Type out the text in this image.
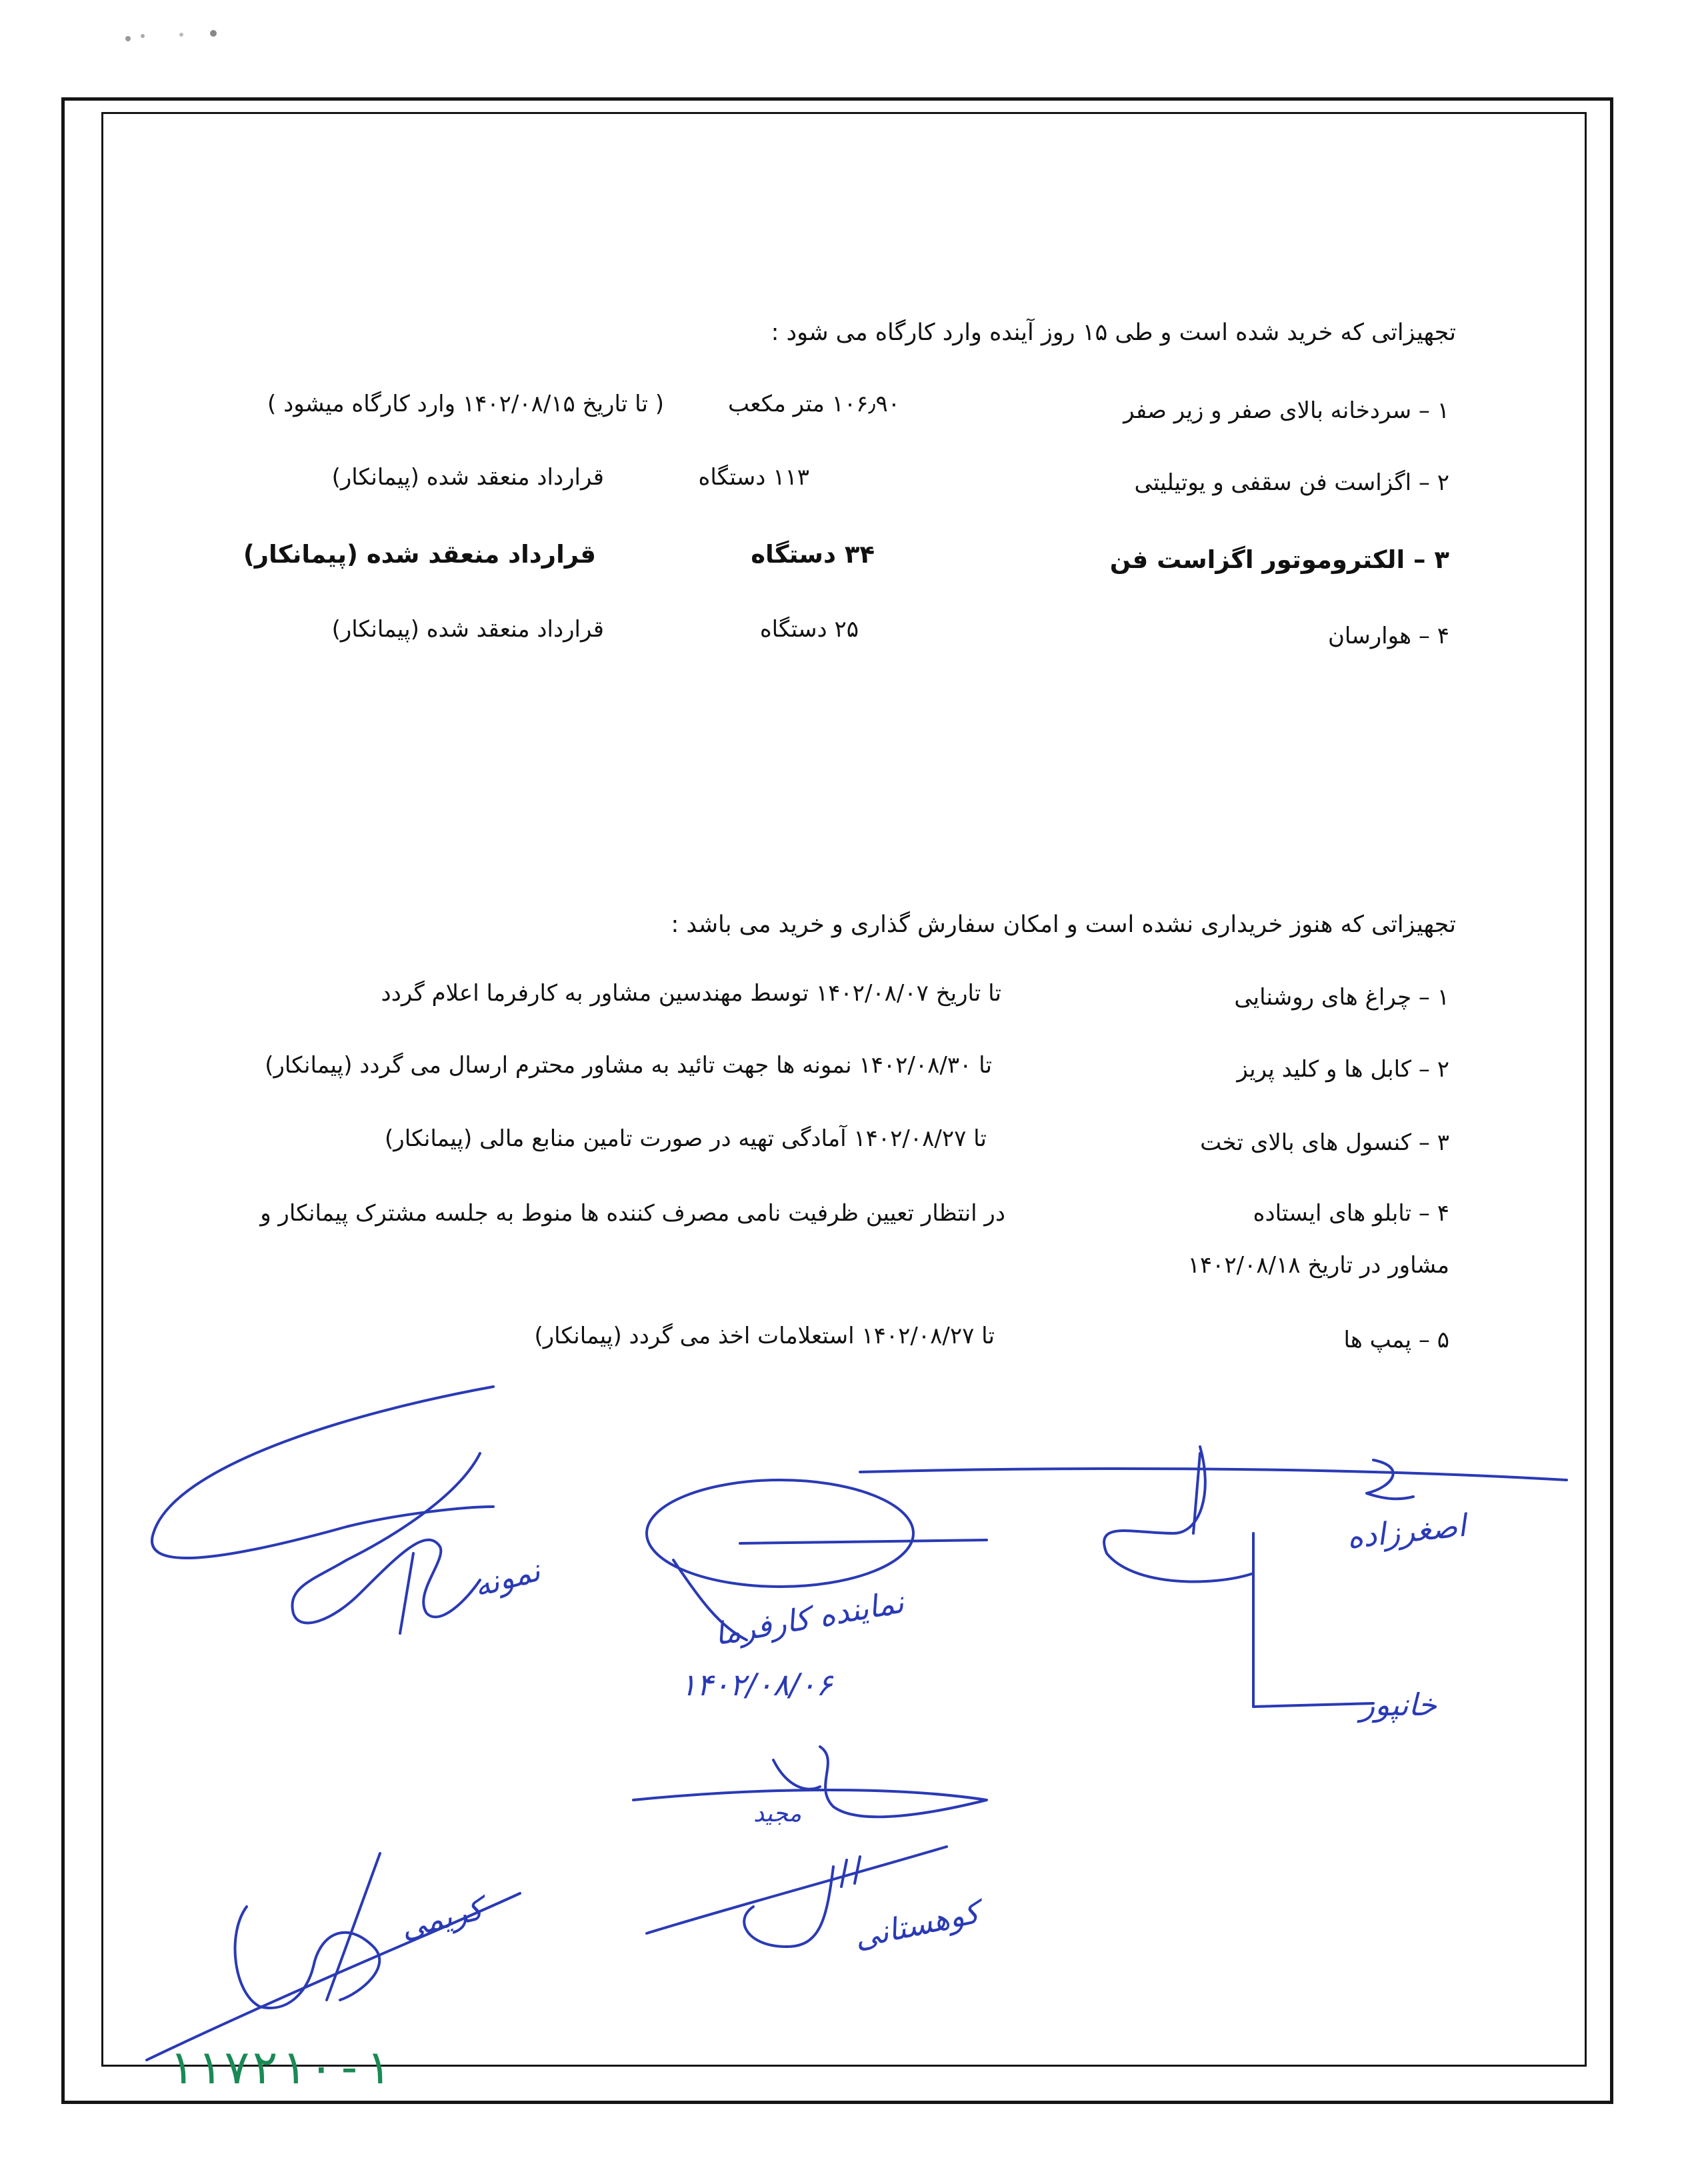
تجهیزاتی که خرید شده است و طی ۱۵ روز آینده وارد کارگاه می شود :
۱ – سردخانه بالای صفر و زیر صفر
۱۰۶٫۹۰ متر مکعب
( تا تاریخ ۱۴۰۲/۰۸/۱۵ وارد کارگاه میشود )
۲ – اگزاست فن سقفی و یوتیلیتی
۱۱۳ دستگاه
قرارداد منعقد شده (پیمانکار)
۳ – الکتروموتور اگزاست فن
۳۴ دستگاه
قرارداد منعقد شده (پیمانکار)
۴ – هوارسان
۲۵ دستگاه
قرارداد منعقد شده (پیمانکار)
تجهیزاتی که هنوز خریداری نشده است و امکان سفارش گذاری و خرید می باشد :
۱ – چراغ های روشنایی
تا تاریخ ۱۴۰۲/۰۸/۰۷ توسط مهندسین مشاور به کارفرما اعلام گردد
۲ – کابل ها و کلید پریز
تا ۱۴۰۲/۰۸/۳۰ نمونه ها جهت تائید به مشاور محترم ارسال می گردد (پیمانکار)
۳ – کنسول های بالای تخت
تا ۱۴۰۲/۰۸/۲۷ آمادگی تهیه در صورت تامین منابع مالی (پیمانکار)
۴ – تابلو های ایستاده
در انتظار تعیین ظرفیت نامی مصرف کننده ها منوط به جلسه مشترک پیمانکار و
مشاور در تاریخ ۱۴۰۲/۰۸/۱۸
۵ – پمپ ها
تا ۱۴۰۲/۰۸/۲۷ استعلامات اخذ می گردد (پیمانکار)
نمونه
نماینده کارفرما
۱۴۰۲/۰۸/۰۶
اصغرزاده
خانپور
مجید
کوهستانی
کریمی
۱۱۷۲۱۰-۱
